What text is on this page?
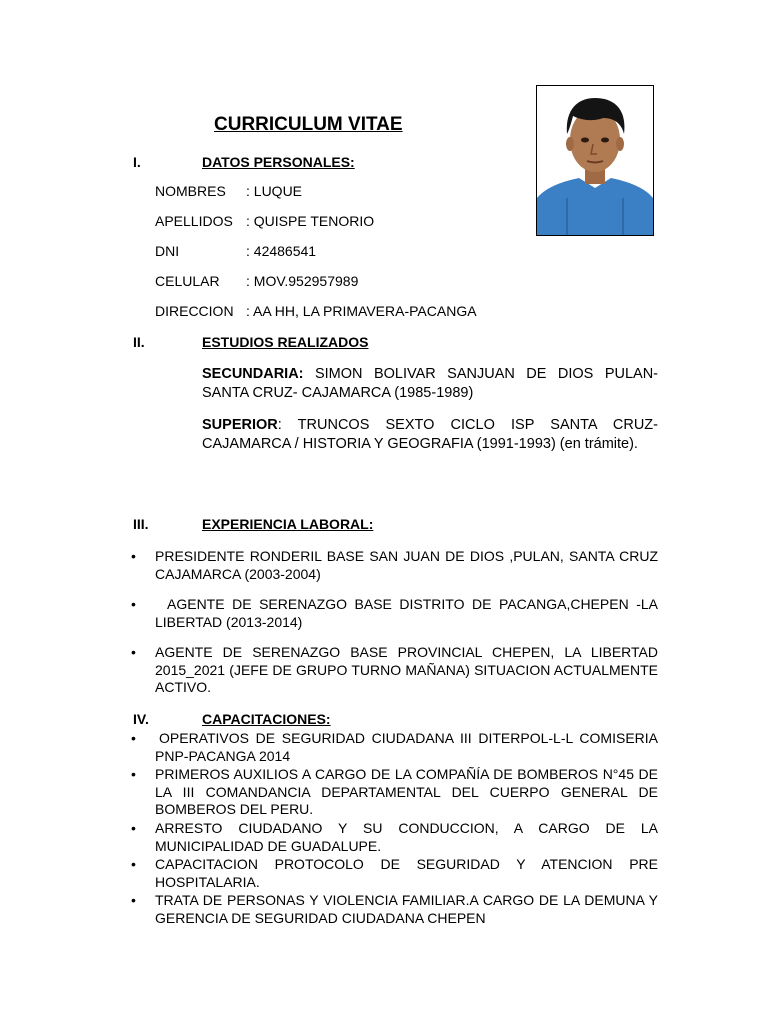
CURRICULUM VITAE
I.	DATOS PERSONALES:
NOMBRES : LUQUE
APELLIDOS : QUISPE TENORIO
DNI	: 42486541
CELULAR : MOV.952957989
DIRECCION : AA HH, LA PRIMAVERA-PACANGA
II.	ESTUDIOS REALIZADOS
SECUNDARIA: SIMON BOLIVAR SANJUAN DE DIOS PULAN-SANTA CRUZ- CAJAMARCA (1985-1989)
SUPERIOR: TRUNCOS SEXTO CICLO ISP SANTA CRUZ-CAJAMARCA / HISTORIA Y GEOGRAFIA (1991-1993) (en trámite).
III.	EXPERIENCIA LABORAL:
• PRESIDENTE RONDERIL BASE SAN JUAN DE DIOS ,PULAN, SANTA CRUZ CAJAMARCA (2003-2004)
•	AGENTE DE SERENAZGO BASE DISTRITO DE PACANGA,CHEPEN -LA LIBERTAD (2013-2014)
• AGENTE DE SERENAZGO BASE PROVINCIAL CHEPEN, LA LIBERTAD 2015_2021 (JEFE DE GRUPO TURNO MAÑANA) SITUACION ACTUALMENTE ACTIVO.
IV.	CAPACITACIONES:
• OPERATIVOS DE SEGURIDAD CIUDADANA III DITERPOL-L-L COMISERIA PNP-PACANGA 2014
• PRIMEROS AUXILIOS A CARGO DE LA COMPAÑÍA DE BOMBEROS N°45 DE LA III COMANDANCIA DEPARTAMENTAL DEL CUERPO GENERAL DE BOMBEROS DEL PERU.
• ARRESTO CIUDADANO Y SU CONDUCCION, A CARGO DE LA MUNICIPALIDAD DE GUADALUPE.
• CAPACITACION PROTOCOLO DE SEGURIDAD Y ATENCION PRE HOSPITALARIA.
• TRATA DE PERSONAS Y VIOLENCIA FAMILIAR.A CARGO DE LA DEMUNA Y GERENCIA DE SEGURIDAD CIUDADANA CHEPEN
